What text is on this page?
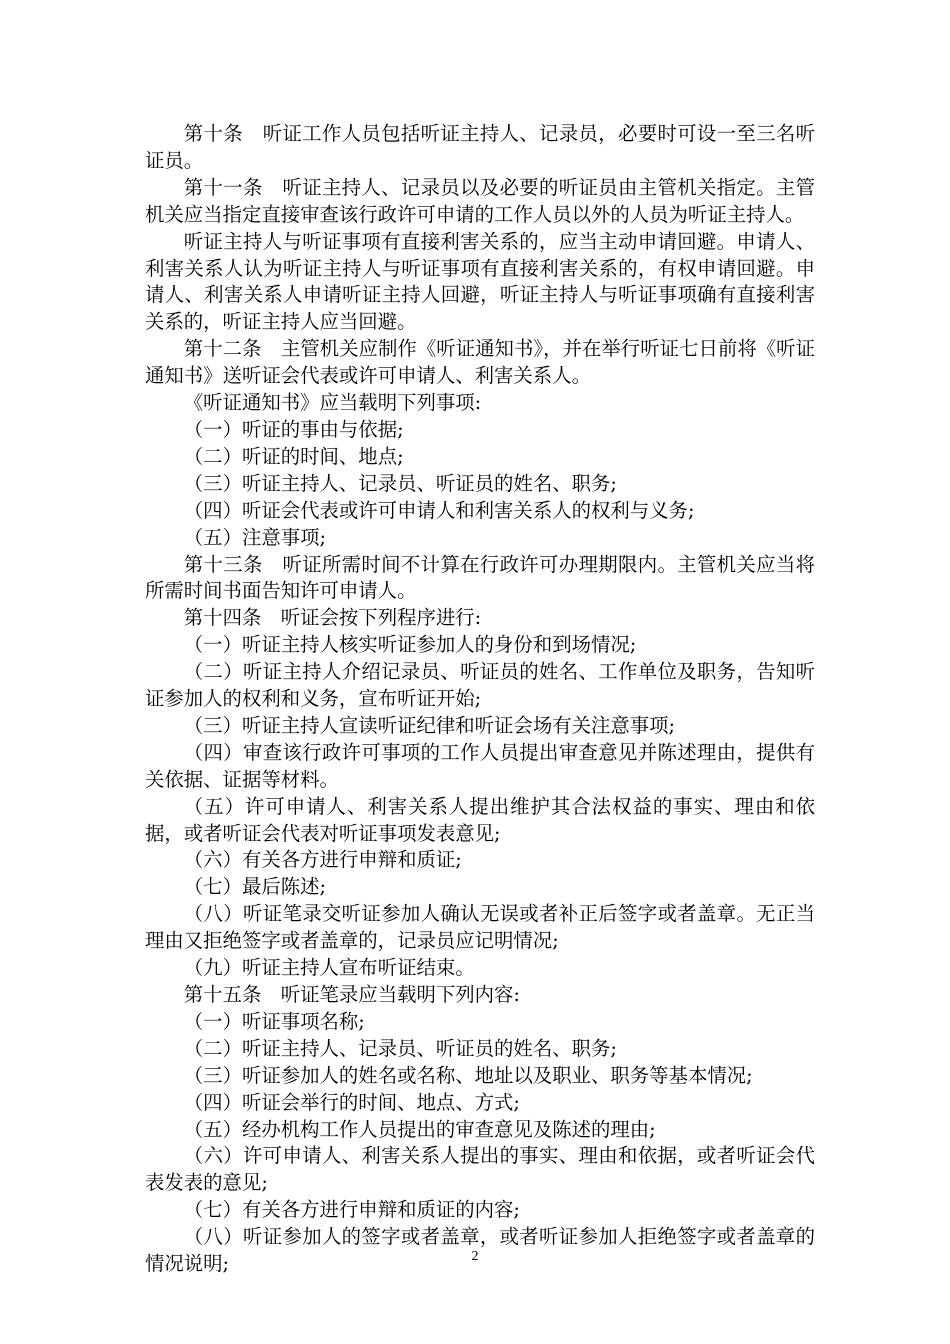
第十条　听证工作人员包括听证主持人、记录员，必要时可设一至三名听证员。

第十一条　听证主持人、记录员以及必要的听证员由主管机关指定。主管机关应当指定直接审查该行政许可申请的工作人员以外的人员为听证主持人。

听证主持人与听证事项有直接利害关系的，应当主动申请回避。申请人、利害关系人认为听证主持人与听证事项有直接利害关系的，有权申请回避。申请人、利害关系人申请听证主持人回避，听证主持人与听证事项确有直接利害关系的，听证主持人应当回避。

第十二条　主管机关应制作《听证通知书》，并在举行听证七日前将《听证通知书》送听证会代表或许可申请人、利害关系人。

《听证通知书》应当载明下列事项:

（一）听证的事由与依据;

（二）听证的时间、地点;

（三）听证主持人、记录员、听证员的姓名、职务;

（四）听证会代表或许可申请人和利害关系人的权利与义务;

（五）注意事项;

第十三条　听证所需时间不计算在行政许可办理期限内。主管机关应当将所需时间书面告知许可申请人。

第十四条　听证会按下列程序进行:

（一）听证主持人核实听证参加人的身份和到场情况;

（二）听证主持人介绍记录员、听证员的姓名、工作单位及职务，告知听证参加人的权利和义务，宣布听证开始;

（三）听证主持人宣读听证纪律和听证会场有关注意事项;

（四）审查该行政许可事项的工作人员提出审查意见并陈述理由，提供有关依据、证据等材料。

（五）许可申请人、利害关系人提出维护其合法权益的事实、理由和依据，或者听证会代表对听证事项发表意见;

（六）有关各方进行申辩和质证;

（七）最后陈述;

（八）听证笔录交听证参加人确认无误或者补正后签字或者盖章。无正当理由又拒绝签字或者盖章的，记录员应记明情况;

（九）听证主持人宣布听证结束。

第十五条　听证笔录应当载明下列内容:

（一）听证事项名称;

（二）听证主持人、记录员、听证员的姓名、职务;

（三）听证参加人的姓名或名称、地址以及职业、职务等基本情况;

（四）听证会举行的时间、地点、方式;

（五）经办机构工作人员提出的审查意见及陈述的理由;

（六）许可申请人、利害关系人提出的事实、理由和依据，或者听证会代表发表的意见;

（七）有关各方进行申辩和质证的内容;

（八）听证参加人的签字或者盖章，或者听证参加人拒绝签字或者盖章的情况说明;	2
